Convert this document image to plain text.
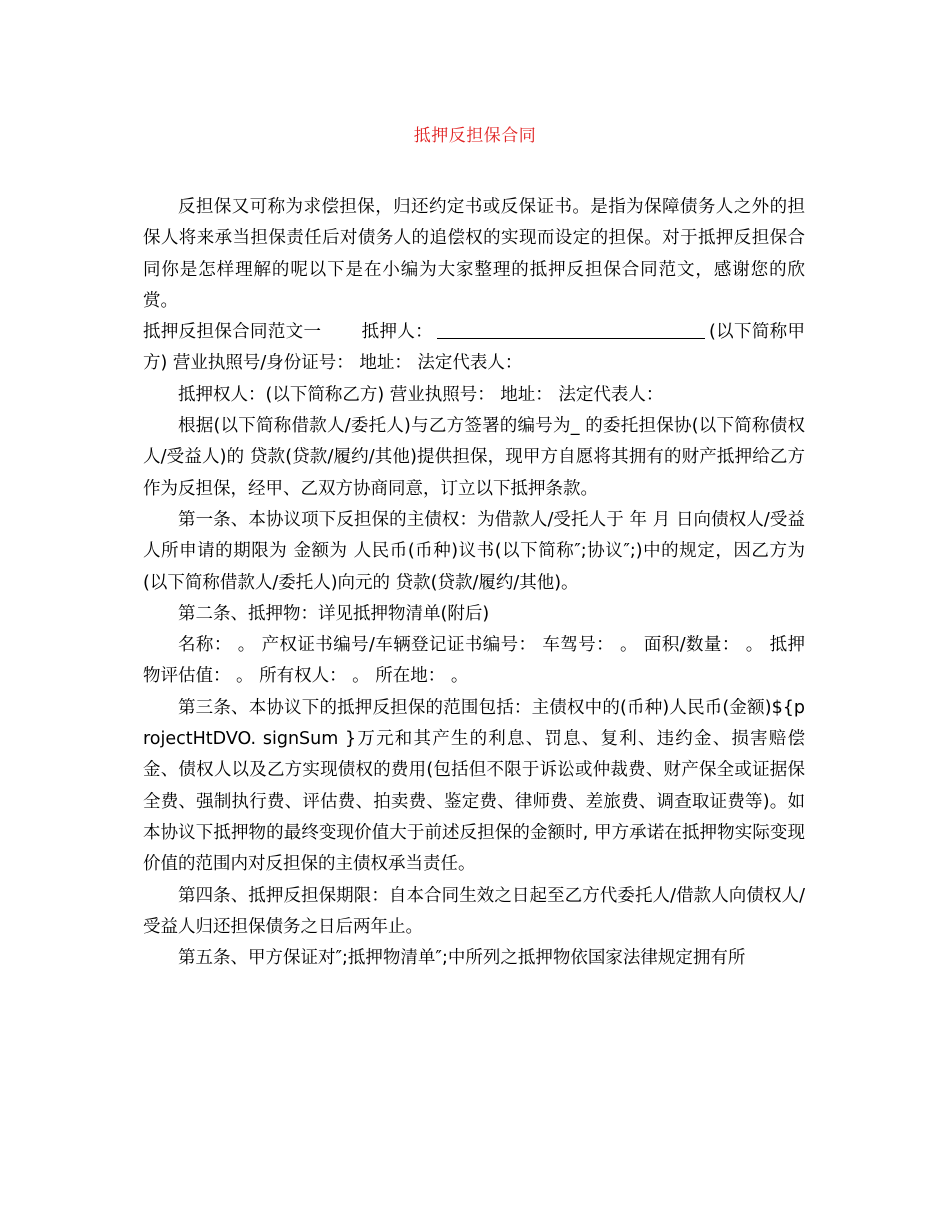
抵押反担保合同

反担保又可称为求偿担保，归还约定书或反保证书。是指为保障债务人之外的担保人将来承当担保责任后对债务人的追偿权的实现而设定的担保。对于抵押反担保合同你是怎样理解的呢以下是在小编为大家整理的抵押反担保合同范文，感谢您的欣赏。

抵押反担保合同范文一 抵押人：	(以下简称甲方) 营业执照号/身份证号： 地址： 法定代表人：

抵押权人：(以下简称乙方) 营业执照号： 地址： 法定代表人：

根据(以下简称借款人/委托人)与乙方签署的编号为_ 的委托担保协(以下简称债权人/受益人)的 贷款(贷款/履约/其他)提供担保，现甲方自愿将其拥有的财产抵押给乙方作为反担保，经甲、乙双方协商同意，订立以下抵押条款。

第一条、本协议项下反担保的主债权：为借款人/受托人于 年 月 日向债权人/受益人所申请的期限为 金额为 人民币(币种)议书(以下简称″;协议″;)中的规定，因乙方为(以下简称借款人/委托人)向元的 贷款(贷款/履约/其他)。

第二条、抵押物：详见抵押物清单(附后)

名称： 。 产权证书编号/车辆登记证书编号： 车驾号： 。 面积/数量： 。 抵押物评估值： 。 所有权人： 。 所在地： 。

第三条、本协议下的抵押反担保的范围包括：主债权中的(币种)人民币(金额)${projectHtDVO. signSum }万元和其产生的利息、罚息、复利、违约金、损害赔偿金、债权人以及乙方实现债权的费用(包括但不限于诉讼或仲裁费、财产保全或证据保全费、强制执行费、评估费、拍卖费、鉴定费、律师费、差旅费、调查取证费等)。如本协议下抵押物的最终变现价值大于前述反担保的金额时, 甲方承诺在抵押物实际变现价值的范围内对反担保的主债权承当责任。

第四条、抵押反担保期限：自本合同生效之日起至乙方代委托人/借款人向债权人/受益人归还担保债务之日后两年止。

第五条、甲方保证对″;抵押物清单″;中所列之抵押物依国家法律规定拥有所
